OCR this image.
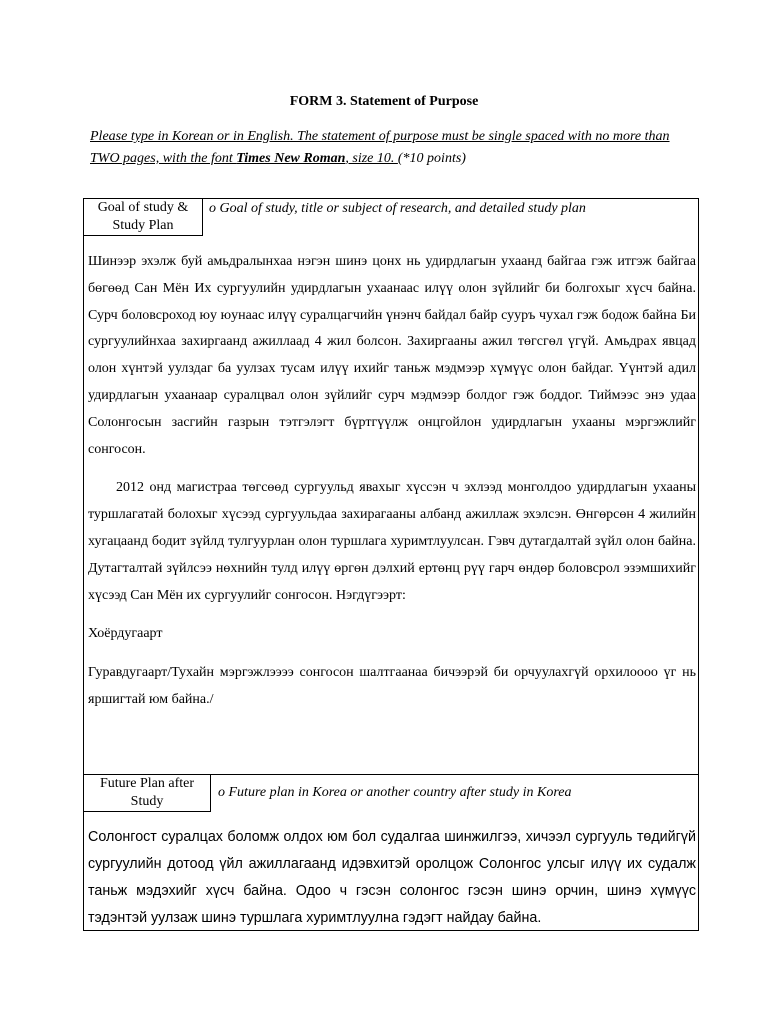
FORM 3. Statement of Purpose
Please type in Korean or in English. The statement of purpose must be single spaced with no more than TWO pages, with the font Times New Roman, size 10. (*10 points)
Goal of study & Study Plan
o Goal of study, title or subject of research, and detailed study plan

Шинээр эхэлж буй амьдралынхаа нэгэн шинэ цонх нь удирдлагын ухаанд байгаа гэж итгэж байгаа бөгөөд Сан Мён Их сургуулийн удирдлагын ухаанаас илүү олон зүйлийг би болгохыг хүсч байна. Сурч боловсроход юу юунаас илүү суралцагчийн үнэнч байдал байр сууръ чухал гэж бодож байна Би сургуулийнхаа захиргаанд ажиллаад 4 жил болсон. Захиргааны ажил төгсгөл үгүй. Амьдрах явцад олон хүнтэй уулздаг ба уулзах тусам илүү ихийг таньж мэдмээр хүмүүс олон байдаг. Үүнтэй адил удирдлагын ухаанаар суралцвал олон зүйлийг сурч мэдмээр болдог гэж боддог. Тиймээс энэ удаа Солонгосын засгийн газрын тэтгэлэгт бүртгүүлж онцгойлон удирдлагын ухааны мэргэжлийг сонгосон.

2012 онд магистраа төгсөөд сургуульд явахыг хүссэн ч эхлээд монголдоо удирдлагын ухааны туршлагатай болохыг хүсээд сургуульдаа захирагааны албанд ажиллаж эхэлсэн. Өнгөрсөн 4 жилийн хугацаанд бодит зүйлд тулгуурлан олон туршлага хуримтлуулсан. Гэвч дутагдалтай зүйл олон байна. Дутагталтай зүйлсээ нөхнийн тулд илүү өргөн дэлхий ертөнц рүү гарч өндөр боловсрол эзэмшихийг хүсээд Сан Мён их сургуулийг сонгосон. Нэгдүгээрт:

Хоёрдугаарт

Гуравдугаарт/Тухайн мэргэжлээээ сонгосон шалтгаанаа бичээрэй би орчуулахгүй орхилоооо үг нь яршигтай юм байна./

Future Plan after Study
o Future plan in Korea or another country after study in Korea
Солонгост суралцах боломж олдох юм бол судалгаа шинжилгээ, хичээл сургууль төдийгүй сургуулийн дотоод үйл ажиллагаанд идэвхитэй оролцож Солонгос улсыг илүү их судалж таньж мэдэхийг хүсч байна. Одоо ч гэсэн солонгос гэсэн шинэ орчин, шинэ хүмүүс тэдэнтэй уулзаж шинэ туршлага хуримтлуулна гэдэгт найдау байна.
